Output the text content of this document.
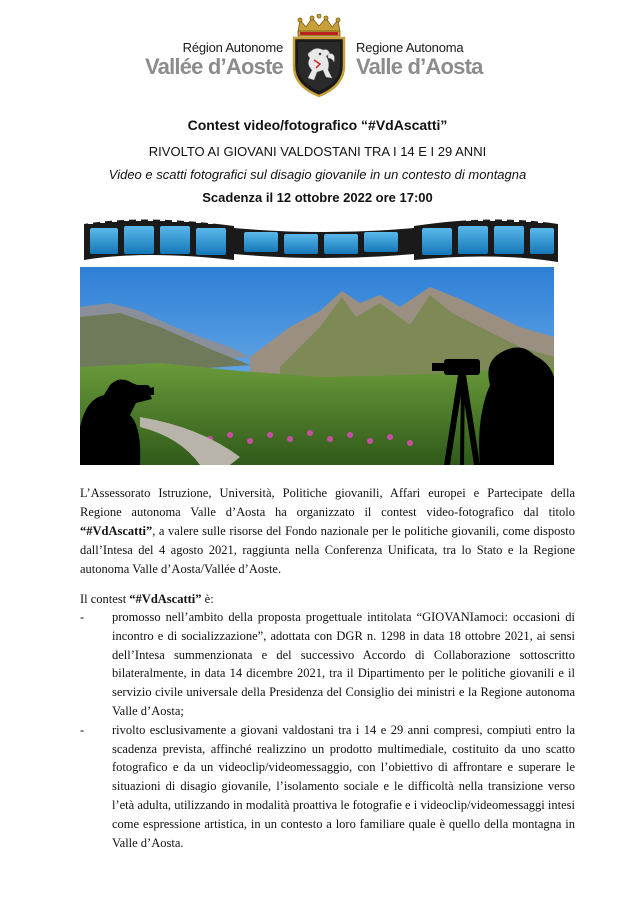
Région Autonome
Vallée d’Aoste
Regione Autonoma
Valle d’Aosta
Contest video/fotografico “#VdAscatti”
RIVOLTO AI GIOVANI VALDOSTANI TRA I 14 E I 29 ANNI
Video e scatti fotografici sul disagio giovanile in un contesto di montagna
Scadenza il 12 ottobre 2022 ore 17:00
L’Assessorato Istruzione, Università, Politiche giovanili, Affari europei e Partecipate della Regione autonoma Valle d’Aosta ha organizzato il contest video-fotografico dal titolo “#VdAscatti”, a valere sulle risorse del Fondo nazionale per le politiche giovanili, come disposto dall’Intesa del 4 agosto 2021, raggiunta nella Conferenza Unificata, tra lo Stato e la Regione autonoma Valle d’Aosta/Vallée d’Aoste.
Il contest “#VdAscatti” è:
- promosso nell’ambito della proposta progettuale intitolata “GIOVANIamoci: occasioni di incontro e di socializzazione”, adottata con DGR n. 1298 in data 18 ottobre 2021, ai sensi dell’Intesa summenzionata e del successivo Accordo di Collaborazione sottoscritto bilateralmente, in data 14 dicembre 2021, tra il Dipartimento per le politiche giovanili e il servizio civile universale della Presidenza del Consiglio dei ministri e la Regione autonoma Valle d’Aosta;
- rivolto esclusivamente a giovani valdostani tra i 14 e 29 anni compresi, compiuti entro la scadenza prevista, affinché realizzino un prodotto multimediale, costituito da uno scatto fotografico e da un videoclip/videomessaggio, con l’obiettivo di affrontare e superare le situazioni di disagio giovanile, l’isolamento sociale e le difficoltà nella transizione verso l’età adulta, utilizzando in modalità proattiva le fotografie e i videoclip/videomessaggi intesi come espressione artistica, in un contesto a loro familiare quale è quello della montagna in Valle d’Aosta.
